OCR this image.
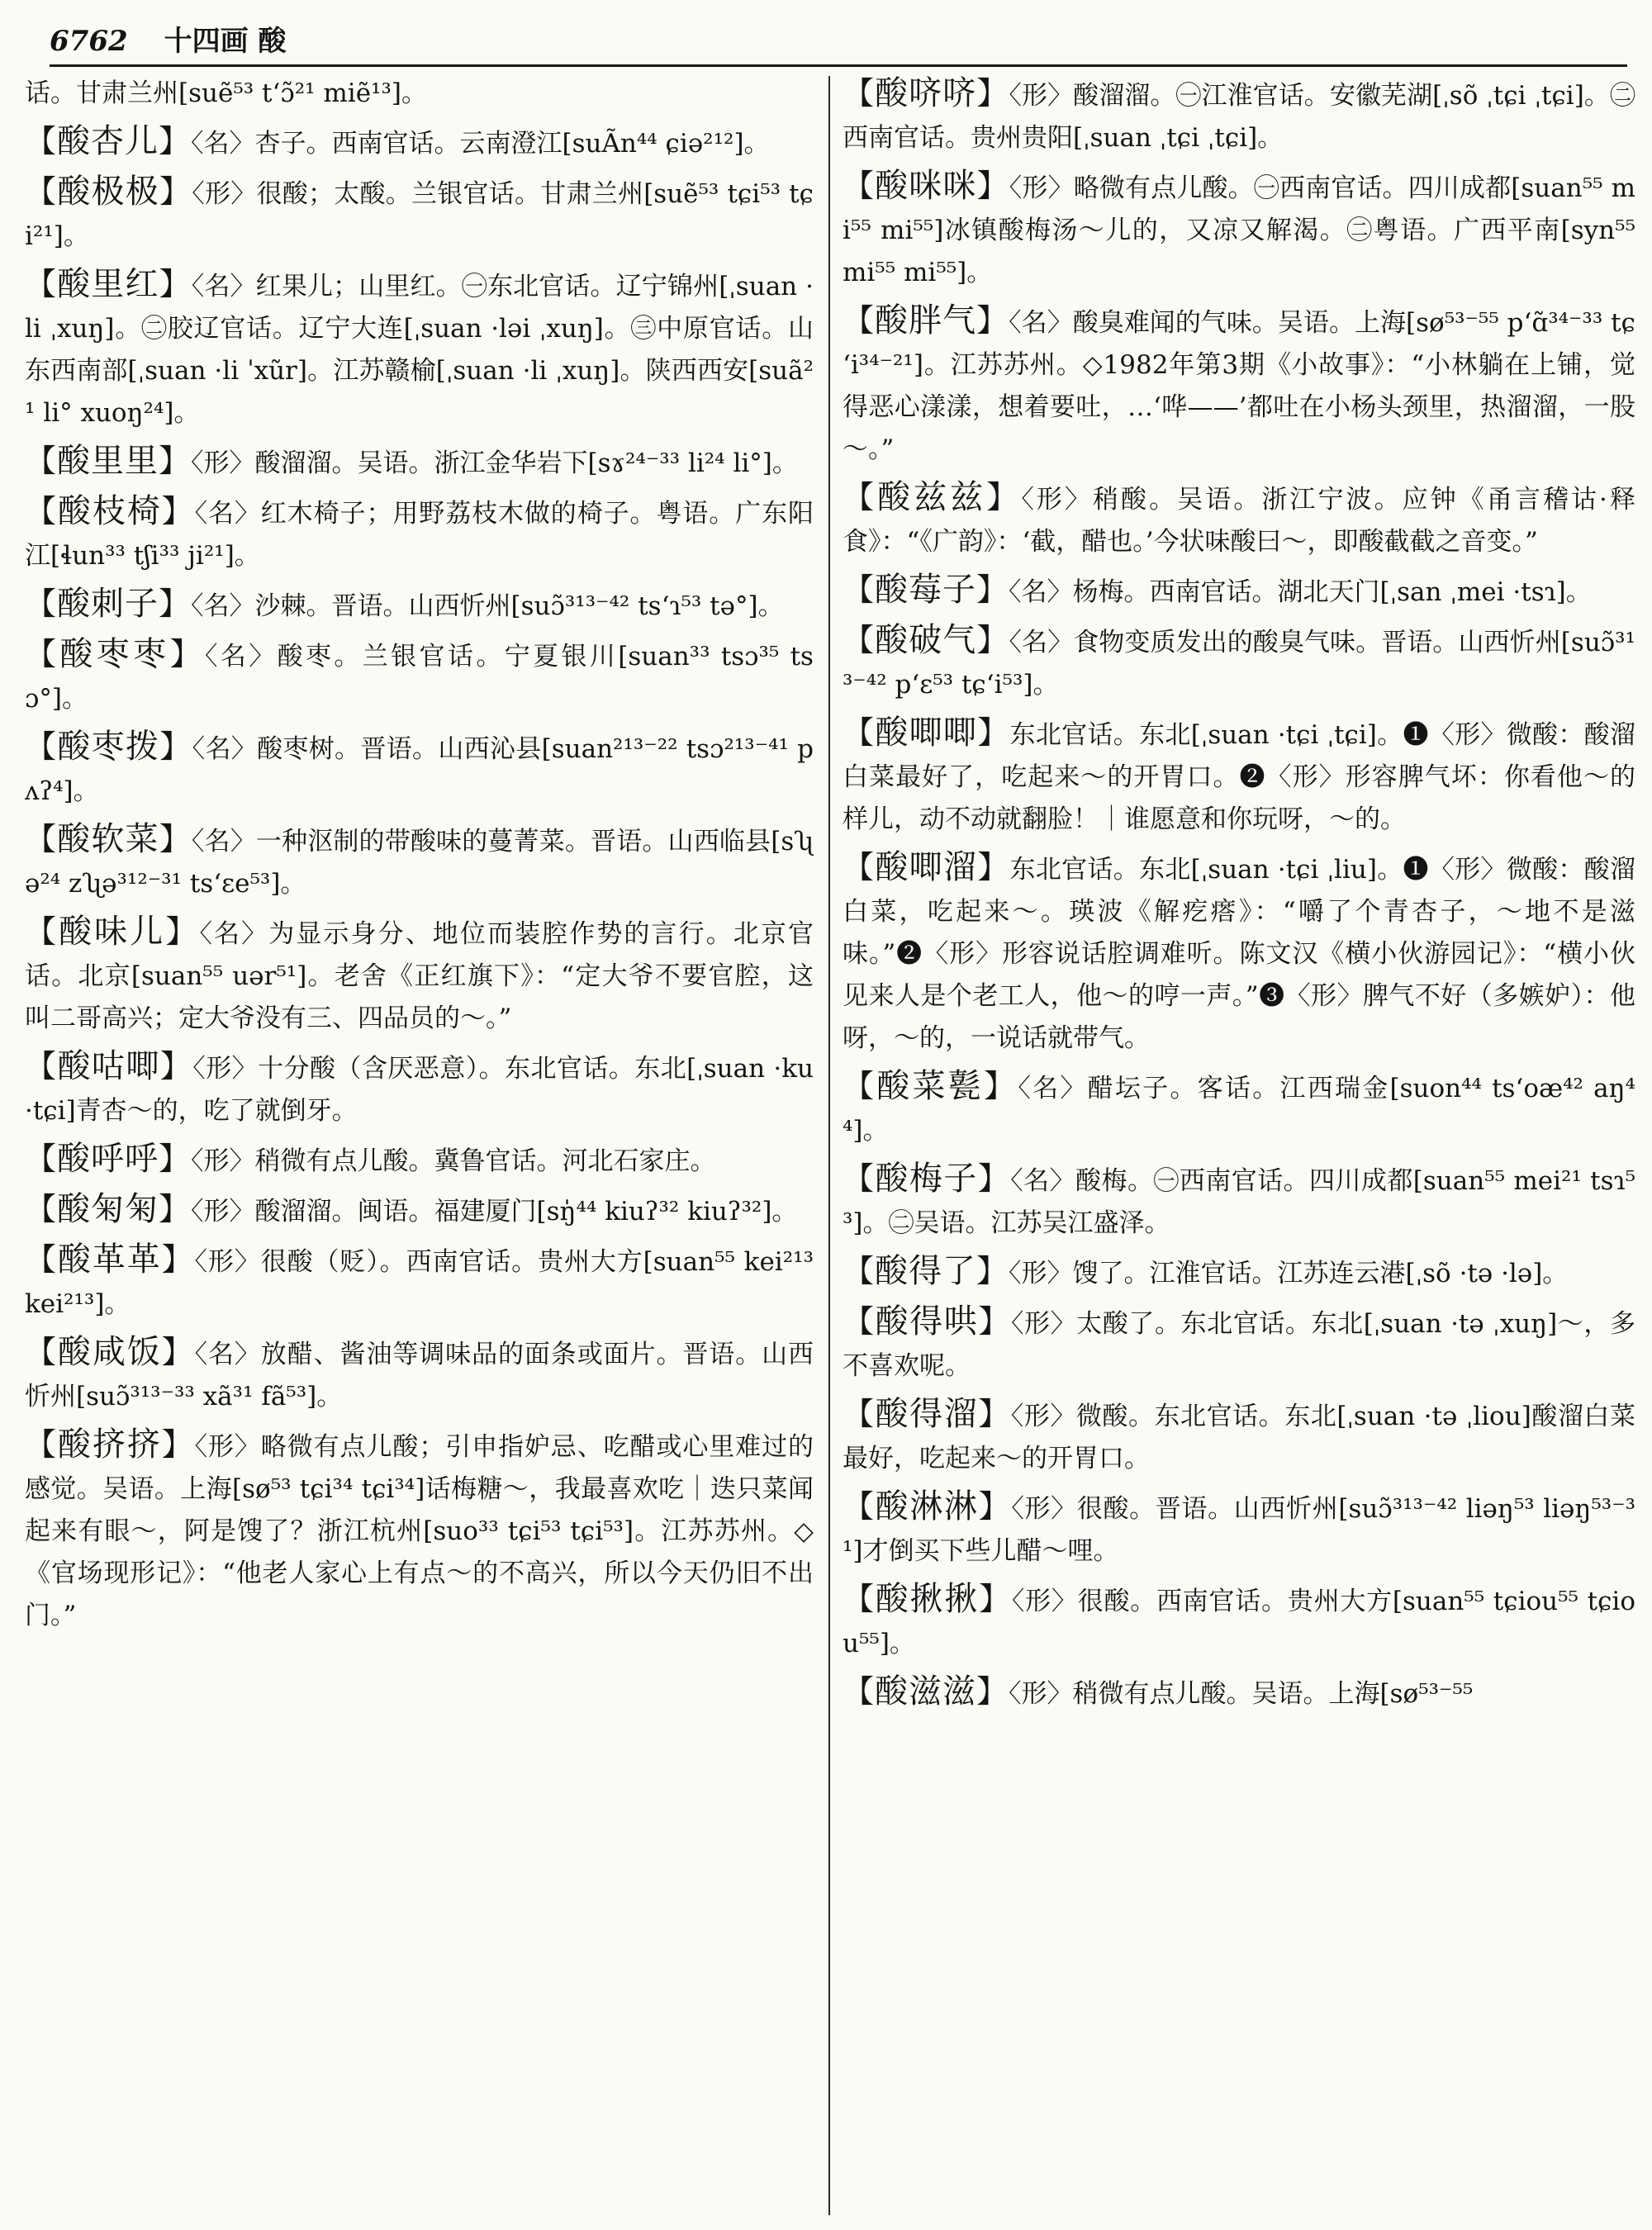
6762 十四画 酸

话。甘肃兰州[suẽ⁵³ tʻɔ̃²¹ miẽ¹³]。

【酸杏儿】〈名〉杏子。西南官话。云南澄江[suÃn⁴⁴ ɕiə²¹²]。

【酸极极】〈形〉很酸；太酸。兰银官话。甘肃兰州[suẽ⁵³ tɕi⁵³ tɕi²¹]。

【酸里红】〈名〉红果儿；山里红。㊀东北官话。辽宁锦州[ˌsuan ·li ˌxuŋ]。㊁胶辽官话。辽宁大连[ˌsuan ·ləi ˌxuŋ]。㊂中原官话。山东西南部[ˌsuan ·li ˈxũr]。江苏赣榆[ˌsuan ·li ˌxuŋ]。陕西西安[suã²¹ li° xuoŋ²⁴]。

【酸里里】〈形〉酸溜溜。吴语。浙江金华岩下[sɤ²⁴⁻³³ li²⁴ li°]。

【酸枝椅】〈名〉红木椅子；用野荔枝木做的椅子。粤语。广东阳江[ɬun³³ tʃi³³ ji²¹]。

【酸刺子】〈名〉沙棘。晋语。山西忻州[suɔ̃³¹³⁻⁴² tsʻɿ⁵³ tə°]。

【酸枣枣】〈名〉酸枣。兰银官话。宁夏银川[suan³³ tsɔ³⁵ tsɔ°]。

【酸枣拨】〈名〉酸枣树。晋语。山西沁县[suan²¹³⁻²² tsɔ²¹³⁻⁴¹ pʌʔ⁴]。

【酸软菜】〈名〉一种沤制的带酸味的蔓菁菜。晋语。山西临县[sʯə²⁴ zʯə³¹²⁻³¹ tsʻɛe⁵³]。

【酸味儿】〈名〉为显示身分、地位而装腔作势的言行。北京官话。北京[suan⁵⁵ uər⁵¹]。老舍《正红旗下》：“定大爷不要官腔，这叫二哥高兴；定大爷没有三、四品员的～。”

【酸咕唧】〈形〉十分酸（含厌恶意）。东北官话。东北[ˌsuan ·ku ·tɕi]青杏～的，吃了就倒牙。

【酸呼呼】〈形〉稍微有点儿酸。冀鲁官话。河北石家庄。

【酸匊匊】〈形〉酸溜溜。闽语。福建厦门[sŋ̍⁴⁴ kiuʔ³² kiuʔ³²]。

【酸革革】〈形〉很酸（贬）。西南官话。贵州大方[suan⁵⁵ kei²¹³ kei²¹³]。

【酸咸饭】〈名〉放醋、酱油等调味品的面条或面片。晋语。山西忻州[suɔ̃³¹³⁻³³ xã³¹ fã⁵³]。

【酸挤挤】〈形〉略微有点儿酸；引申指妒忌、吃醋或心里难过的感觉。吴语。上海[sø⁵³ tɕi³⁴ tɕi³⁴]话梅糖～，我最喜欢吃｜迭只菜闻起来有眼～，阿是馊了？浙江杭州[suo³³ tɕi⁵³ tɕi⁵³]。江苏苏州。◇《官场现形记》：“他老人家心上有点～的不高兴，所以今天仍旧不出门。”

【酸哜哜】〈形〉酸溜溜。㊀江淮官话。安徽芜湖[ˌsõ ˌtɕi ˌtɕi]。㊁西南官话。贵州贵阳[ˌsuan ˌtɕi ˌtɕi]。

【酸咪咪】〈形〉略微有点儿酸。㊀西南官话。四川成都[suan⁵⁵ mi⁵⁵ mi⁵⁵]冰镇酸梅汤～儿的，又凉又解渴。㊁粤语。广西平南[syn⁵⁵ mi⁵⁵ mi⁵⁵]。

【酸胖气】〈名〉酸臭难闻的气味。吴语。上海[sø⁵³⁻⁵⁵ pʻɑ̃³⁴⁻³³ tɕʻi³⁴⁻²¹]。江苏苏州。◇1982年第3期《小故事》：“小林躺在上铺，觉得恶心漾漾，想着要吐，…‘哗——’都吐在小杨头颈里，热溜溜，一股～。”

【酸兹兹】〈形〉稍酸。吴语。浙江宁波。应钟《甬言稽诂·释食》：“《广韵》：‘截，醋也。’今状味酸曰～，即酸截截之音变。”

【酸莓子】〈名〉杨梅。西南官话。湖北天门[ˌsan ˌmei ·tsɿ]。

【酸破气】〈名〉食物变质发出的酸臭气味。晋语。山西忻州[suɔ̃³¹³⁻⁴² pʻɛ⁵³ tɕʻi⁵³]。

【酸唧唧】东北官话。东北[ˌsuan ·tɕi ˌtɕi]。❶〈形〉微酸：酸溜白菜最好了，吃起来～的开胃口。❷〈形〉形容脾气坏：你看他～的样儿，动不动就翻脸！｜谁愿意和你玩呀，～的。

【酸唧溜】东北官话。东北[ˌsuan ·tɕi ˌliu]。❶〈形〉微酸：酸溜白菜，吃起来～。瑛波《解疙瘩》：“嚼了个青杏子，～地不是滋味。”❷〈形〉形容说话腔调难听。陈文汉《横小伙游园记》：“横小伙见来人是个老工人，他～的哼一声。”❸〈形〉脾气不好（多嫉妒）：他呀，～的，一说话就带气。

【酸菜甏】〈名〉醋坛子。客话。江西瑞金[suon⁴⁴ tsʻoæ⁴² aŋ⁴⁴]。

【酸梅子】〈名〉酸梅。㊀西南官话。四川成都[suan⁵⁵ mei²¹ tsɿ⁵³]。㊁吴语。江苏吴江盛泽。

【酸得了】〈形〉馊了。江淮官话。江苏连云港[ˌsõ ·tə ·lə]。

【酸得哄】〈形〉太酸了。东北官话。东北[ˌsuan ·tə ˌxuŋ]～，多不喜欢呢。

【酸得溜】〈形〉微酸。东北官话。东北[ˌsuan ·tə ˌliou]酸溜白菜最好，吃起来～的开胃口。

【酸淋淋】〈形〉很酸。晋语。山西忻州[suɔ̃³¹³⁻⁴² liəŋ⁵³ liəŋ⁵³⁻³¹]才倒买下些儿醋～哩。

【酸揪揪】〈形〉很酸。西南官话。贵州大方[suan⁵⁵ tɕiou⁵⁵ tɕiou⁵⁵]。

【酸滋滋】〈形〉稍微有点儿酸。吴语。上海[sø⁵³⁻⁵⁵
